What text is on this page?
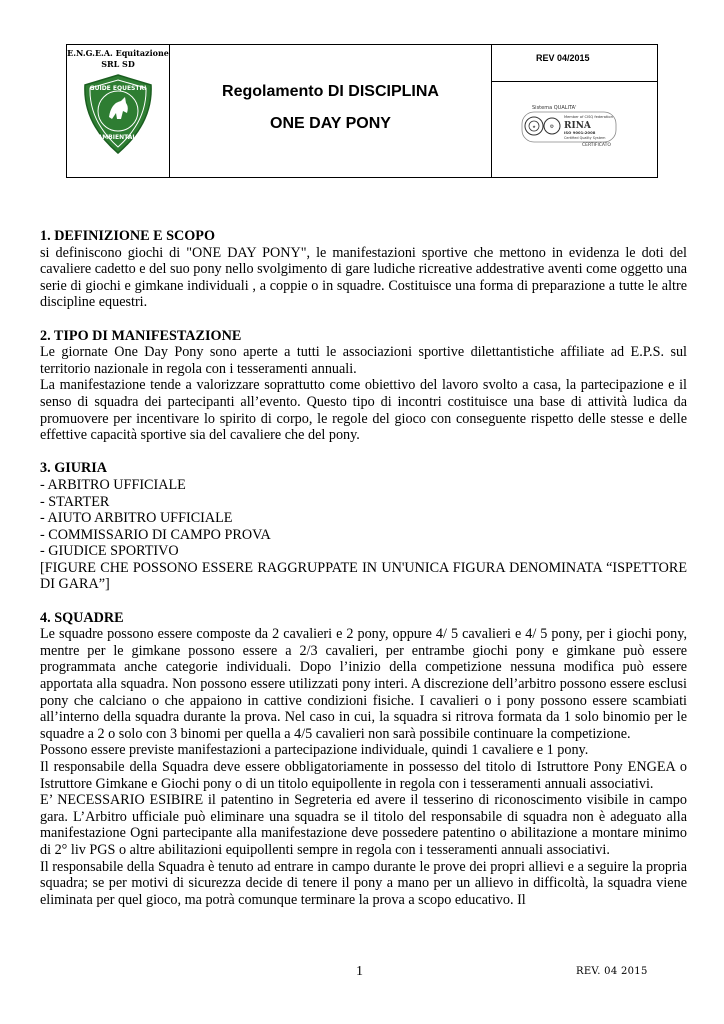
E.N.G.E.A. Equitazione
SRL SD
GUIDE EQUESTRI
AMBIENTALI
Regolamento DI DISCIPLINA
ONE DAY PONY
REV 04/2015
Sistema QUALITA'
★	⚙
Member of CISQ federation
RINA
ISO 9001:2008
Certified Quality System
CERTIFICATO
1. DEFINIZIONE E SCOPO

si definiscono giochi di "ONE DAY PONY", le manifestazioni sportive che mettono in evidenza le doti del cavaliere cadetto e del suo pony nello svolgimento di gare ludiche ricreative addestrative aventi come oggetto una serie di giochi e gimkane individuali , a coppie o in squadre. Costituisce una forma di preparazione a tutte le altre discipline equestri.

2. TIPO DI MANIFESTAZIONE

Le giornate One Day Pony sono aperte a tutti le associazioni sportive dilettantistiche affiliate ad E.P.S. sul territorio nazionale in regola con i tesseramenti annuali.

La manifestazione tende a valorizzare soprattutto come obiettivo del lavoro svolto a casa, la partecipazione e il senso di squadra dei partecipanti all’evento. Questo tipo di incontri costituisce una base di attività ludica da promuovere per incentivare lo spirito di corpo, le regole del gioco con conseguente rispetto delle stesse e delle effettive capacità sportive sia del cavaliere che del pony.

3. GIURIA

- ARBITRO UFFICIALE

- STARTER

- AIUTO ARBITRO UFFICIALE

- COMMISSARIO DI CAMPO PROVA

- GIUDICE SPORTIVO

[FIGURE CHE POSSONO ESSERE RAGGRUPPATE IN UN'UNICA FIGURA DENOMINATA “ISPETTORE DI GARA”]

4. SQUADRE

Le squadre possono essere composte da 2 cavalieri e 2 pony, oppure 4/ 5 cavalieri e 4/ 5 pony, per i giochi pony, mentre per le gimkane possono essere a 2/3 cavalieri, per entrambe giochi pony e gimkane può essere programmata anche categorie individuali. Dopo l’inizio della competizione nessuna modifica può essere apportata alla squadra. Non possono essere utilizzati pony interi. A discrezione dell’arbitro possono essere esclusi pony che calciano o che appaiono in cattive condizioni fisiche. I cavalieri o i pony possono essere scambiati all’interno della squadra durante la prova. Nel caso in cui, la squadra si ritrova formata da 1 solo binomio per le squadre a 2 o solo con 3 binomi per quella a 4/5 cavalieri non sarà possibile continuare la competizione.

Possono essere previste manifestazioni a partecipazione individuale, quindi 1 cavaliere e 1 pony.

Il responsabile della Squadra deve essere obbligatoriamente in possesso del titolo di Istruttore Pony ENGEA o Istruttore Gimkane e Giochi pony o di un titolo equipollente in regola con i tesseramenti annuali associativi.

E’ NECESSARIO ESIBIRE il patentino in Segreteria ed avere il tesserino di riconoscimento visibile in campo gara. L’Arbitro ufficiale può eliminare una squadra se il titolo del responsabile di squadra non è adeguato alla manifestazione Ogni partecipante alla manifestazione deve possedere patentino o abilitazione a montare minimo di 2° liv PGS o altre abilitazioni equipollenti sempre in regola con i tesseramenti annuali associativi.

Il responsabile della Squadra è tenuto ad entrare in campo durante le prove dei propri allievi e a seguire la propria squadra; se per motivi di sicurezza decide di tenere il pony a mano per un allievo in difficoltà, la squadra viene eliminata per quel gioco, ma potrà comunque terminare la prova a scopo educativo. Il

1	REV. 04 2015
